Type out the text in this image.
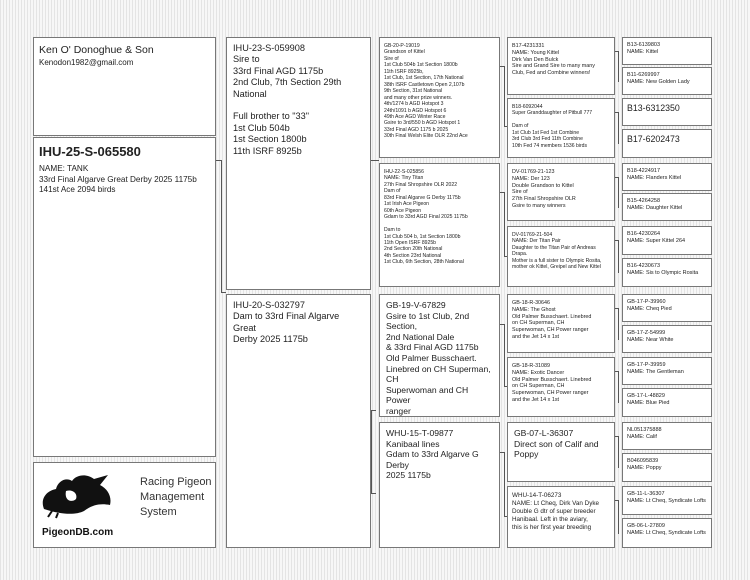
Ken O' Donoghue & Son
Kenodon1982@gmail.com
IHU-25-S-065580
NAME: TANK
33rd Final Algarve Great Derby 2025 1175b
141st Ace 2094 birds
Racing Pigeon
Management
System
PigeonDB.com
IHU-23-S-059908
Sire to
33rd Final AGD 1175b
2nd Club, 7th Section 29th National

Full brother to "33"
1st Club 504b
1st Section 1800b
11th ISRF 8925b
IHU-20-S-032797
Dam to 33rd Final Algarve Great
Derby 2025 1175b
GB-20-P-19019
Grandson of Kittel
Sire of
1st Club 504b 1st Section 1800b
11th ISRF 8925b,
1st Club, 1st Section, 17th National
38th ISRF Castletown Open 2,107b
9th Section, 31st National
and many other prize winners.
4th/1274 b AGD Hotspot 3
24th/1091 b AGD Hotspot 6
49th Ace AGD Winter Race
Gsire to 3rd/550 b AGD Hotspot 1
33rd Final AGD 1175 b 2025
30th Final Welsh Elite OLR 22nd Ace
IHU-22-S-025856
NAME: Tiny Titan
27th Final Shropshire OLR 2022
Dam of
83rd Final Algarve G Derby 1175b
1st Irish Ace Pigeon
60th Ace Pigeon
Gdam to 33rd AGD Final 2025 1175b

Dam to
1st Club 504 b, 1st Section 1800b
11th Open ISRF 8925b
2nd Section 20th National
4th Section 23rd National
1st Club, 6th Section, 28th National
GB-19-V-67829
Gsire to 1st Club, 2nd Section,
2nd National Dale
& 33rd Final AGD 1175b
Old Palmer Busschaert.
Linebred on CH Superman, CH
Superwoman and CH Power
ranger
WHU-15-T-09877
Kanibaal lines
Gdam to 33rd Algarve G Derby
2025 1175b
B17-4231331
NAME: Young Kittel
Dirk Van Den Bulck
Sire and Grand Sire to many many
Club, Fed and Combine winners!
B18-6092044
Super Granddaughter of Pitbull 777

Dam of
1st Club 1st Fed 1st Combine
3rd Club 3rd Fed 11th Combine
10th Fed 74 members 1536 birds
DV-01769-21-123
NAME: Der 123
Double Grandson to Kittel
Sire of
27th Final Shropshire OLR
Gsire to many winners
DV-01769-21-504
NAME: Der Titan Pair
Daughter to the Titan Pair of Andreas
Drapa.
Mother is a full sister to Olympic Rosita,
mother ok Kittel, Greipel and New Kittel
GB-18-R-30646
NAME: The Ghost
Old Palmer Busschaert. Linebred
on CH Superman, CH
Superwoman, CH Power ranger
and the Jet 14 x 1st
GB-18-R-31089
NAME: Exotic Dancer
Old Palmer Busschaert. Linebred
on CH Superman, CH
Superwoman, CH Power ranger
and the Jet 14 x 1st
GB-07-L-36307
Direct son of Calif and
Poppy
WHU-14-T-06273
NAME: Lt Cheq, Dirk Van Dyke
Double G dtr of super breeder
Hanibaal. Left in the aviary,
this is her first year breeding
B13-6139803
NAME: Kittel
B11-6269997
NAME: New Golden Lady
B13-6312350
B17-6202473
B18-4224917
NAME: Flanders Kittel
B15-4264258
NAME: Daughter Kittel
B16-4230264
NAME: Super Kittel 264
B16-4230673
NAME: Sis to Olympic Rosita
GB-17-P-39960
NAME: Cheq Pied
GB-17-Z-54999
NAME: Near White
GB-17-P-39959
NAME: The Gentleman
GB-17-L-48829
NAME: Blue Pied
NL051375888
NAME: Calif
B046095839
NAME: Poppy
GB-11-L-36307
NAME: Lt Cheq, Syndicate Lofts
GB-06-L-27809
NAME: Lt Cheq, Syndicate Lofts
